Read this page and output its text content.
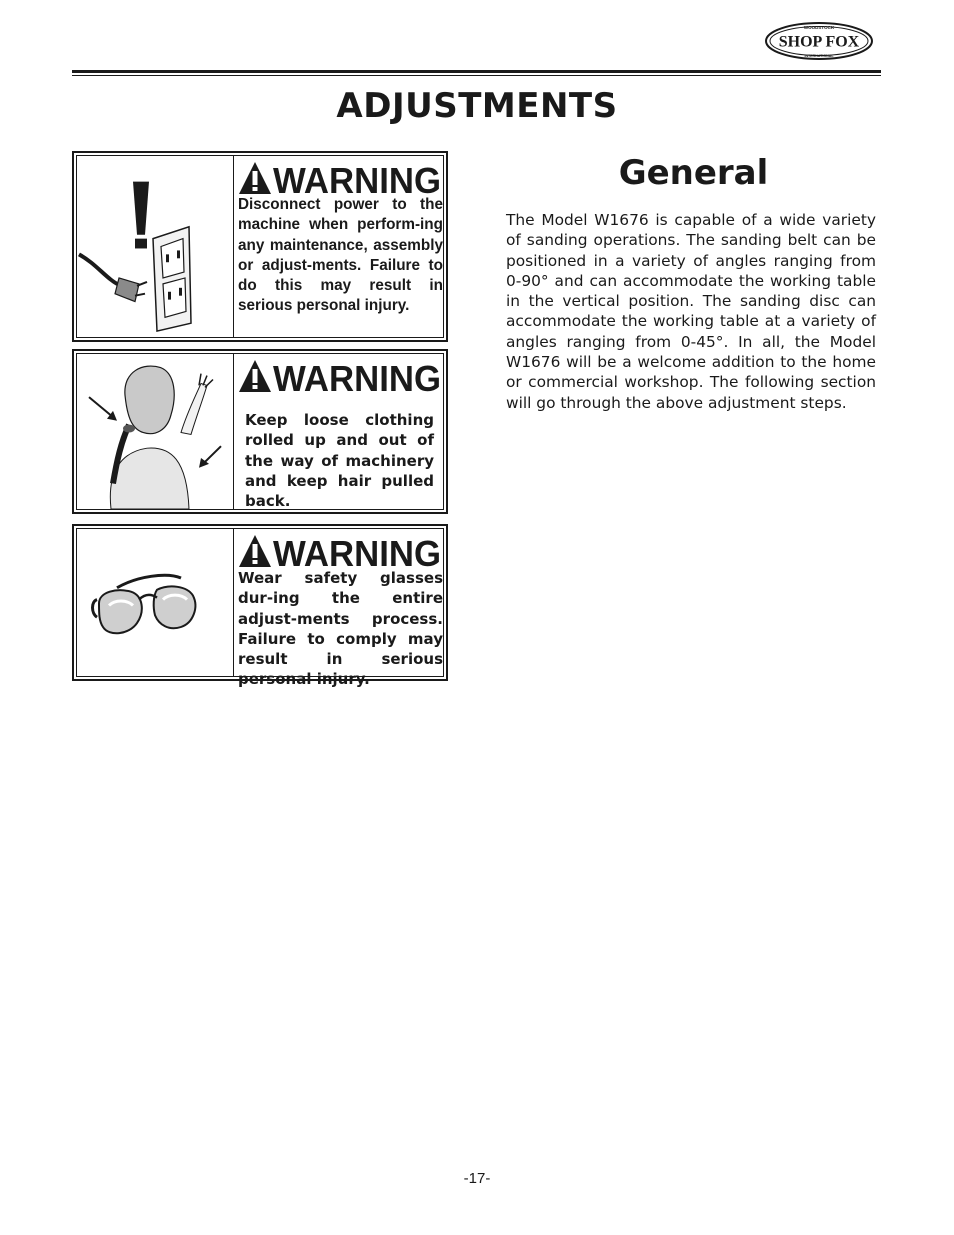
WOODSTOCK
SHOP FOX
INTERNATIONAL
ADJUSTMENTS
WARNING
Disconnect power to the machine when perform-ing any maintenance, assembly or adjust-ments. Failure to do this may result in serious personal injury.
WARNING
Keep loose clothing rolled up and out of the way of machinery and keep hair pulled back.
WARNING
Wear safety glasses dur-ing the entire adjust-ments process. Failure to comply may result in serious personal injury.
General
The Model W1676 is capable of a wide variety of sanding operations. The sanding belt can be positioned in a variety of angles ranging from 0-90° and can accommodate the working table in the vertical position. The sanding disc can accommodate the working table at a variety of angles ranging from 0-45°. In all, the Model W1676 will be a welcome addition to the home or commercial workshop. The following section will go through the above adjustment steps.
-17-
